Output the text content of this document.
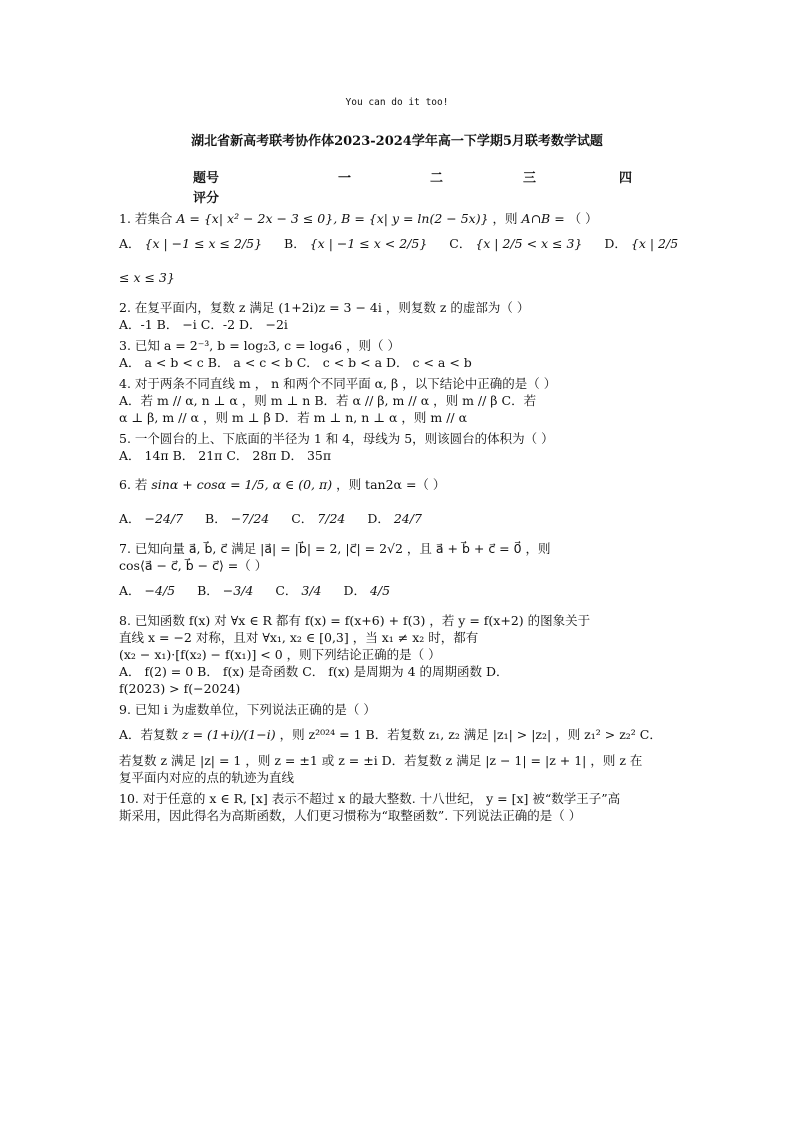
You can do it too!
湖北省新高考联考协作体2023-2024学年高一下学期5月联考数学试题
题号	一	二	三	四
评分
1. 若集合 A = {x| x² − 2x − 3 ≤ 0}, B = {x| y = ln(2 − 5x)} ，则 A∩B = （ ）
A． {x | −1 ≤ x ≤ 2/5} B． {x | −1 ≤ x < 2/5} C． {x | 2/5 < x ≤ 3} D． {x | 2/5 ≤ x ≤ 3}
2. 在复平面内，复数 z 满足 (1+2i)z = 3 − 4i ，则复数 z 的虚部为（ ）
A．-1 B． −i C．-2 D． −2i
3. 已知 a = 2⁻³, b = log₂3, c = log₄6 ，则（ ）
A． a < b < c B． a < c < b C． c < b < a D． c < a < b
4. 对于两条不同直线 m ， n 和两个不同平面 α, β ，以下结论中正确的是（ ）
A．若 m // α, n ⊥ α ，则 m ⊥ n B．若 α // β, m // α ，则 m // β C．若
α ⊥ β, m // α ，则 m ⊥ β D．若 m ⊥ n, n ⊥ α ，则 m // α
5. 一个圆台的上、下底面的半径为 1 和 4，母线为 5，则该圆台的体积为（ ）
A． 14π B． 21π C． 28π D． 35π
6. 若 sinα + cosα = 1/5, α ∈ (0, π) ，则 tan2α =（ ）
A． −24/7 B． −7/24 C． 7/24 D． 24/7
7. 已知向量 a⃗, b⃗, c⃗ 满足 |a⃗| = |b⃗| = 2, |c⃗| = 2√2 ，且 a⃗ + b⃗ + c⃗ = 0⃗ ，则
cos⟨a⃗ − c⃗, b⃗ − c⃗⟩ =（ ）
A． −4/5 B． −3/4 C． 3/4 D． 4/5
8. 已知函数 f(x) 对 ∀x ∈ R 都有 f(x) = f(x+6) + f(3) ，若 y = f(x+2) 的图象关于
直线 x = −2 对称，且对 ∀x₁, x₂ ∈ [0,3] ，当 x₁ ≠ x₂ 时，都有
(x₂ − x₁)·[f(x₂) − f(x₁)] < 0 ，则下列结论正确的是（ ）
A． f(2) = 0 B． f(x) 是奇函数 C． f(x) 是周期为 4 的周期函数 D．
f(2023) > f(−2024)
9. 已知 i 为虚数单位，下列说法正确的是（ ）
A．若复数 z = (1+i)/(1−i) ，则 z²⁰²⁴ = 1 B．若复数 z₁, z₂ 满足 |z₁| > |z₂| ，则 z₁² > z₂² C．
若复数 z 满足 |z| = 1 ，则 z = ±1 或 z = ±i D．若复数 z 满足 |z − 1| = |z + 1| ，则 z 在
复平面内对应的点的轨迹为直线
10. 对于任意的 x ∈ R, [x] 表示不超过 x 的最大整数. 十八世纪， y = [x] 被“数学王子”高
斯采用，因此得名为高斯函数，人们更习惯称为“取整函数”. 下列说法正确的是（ ）
